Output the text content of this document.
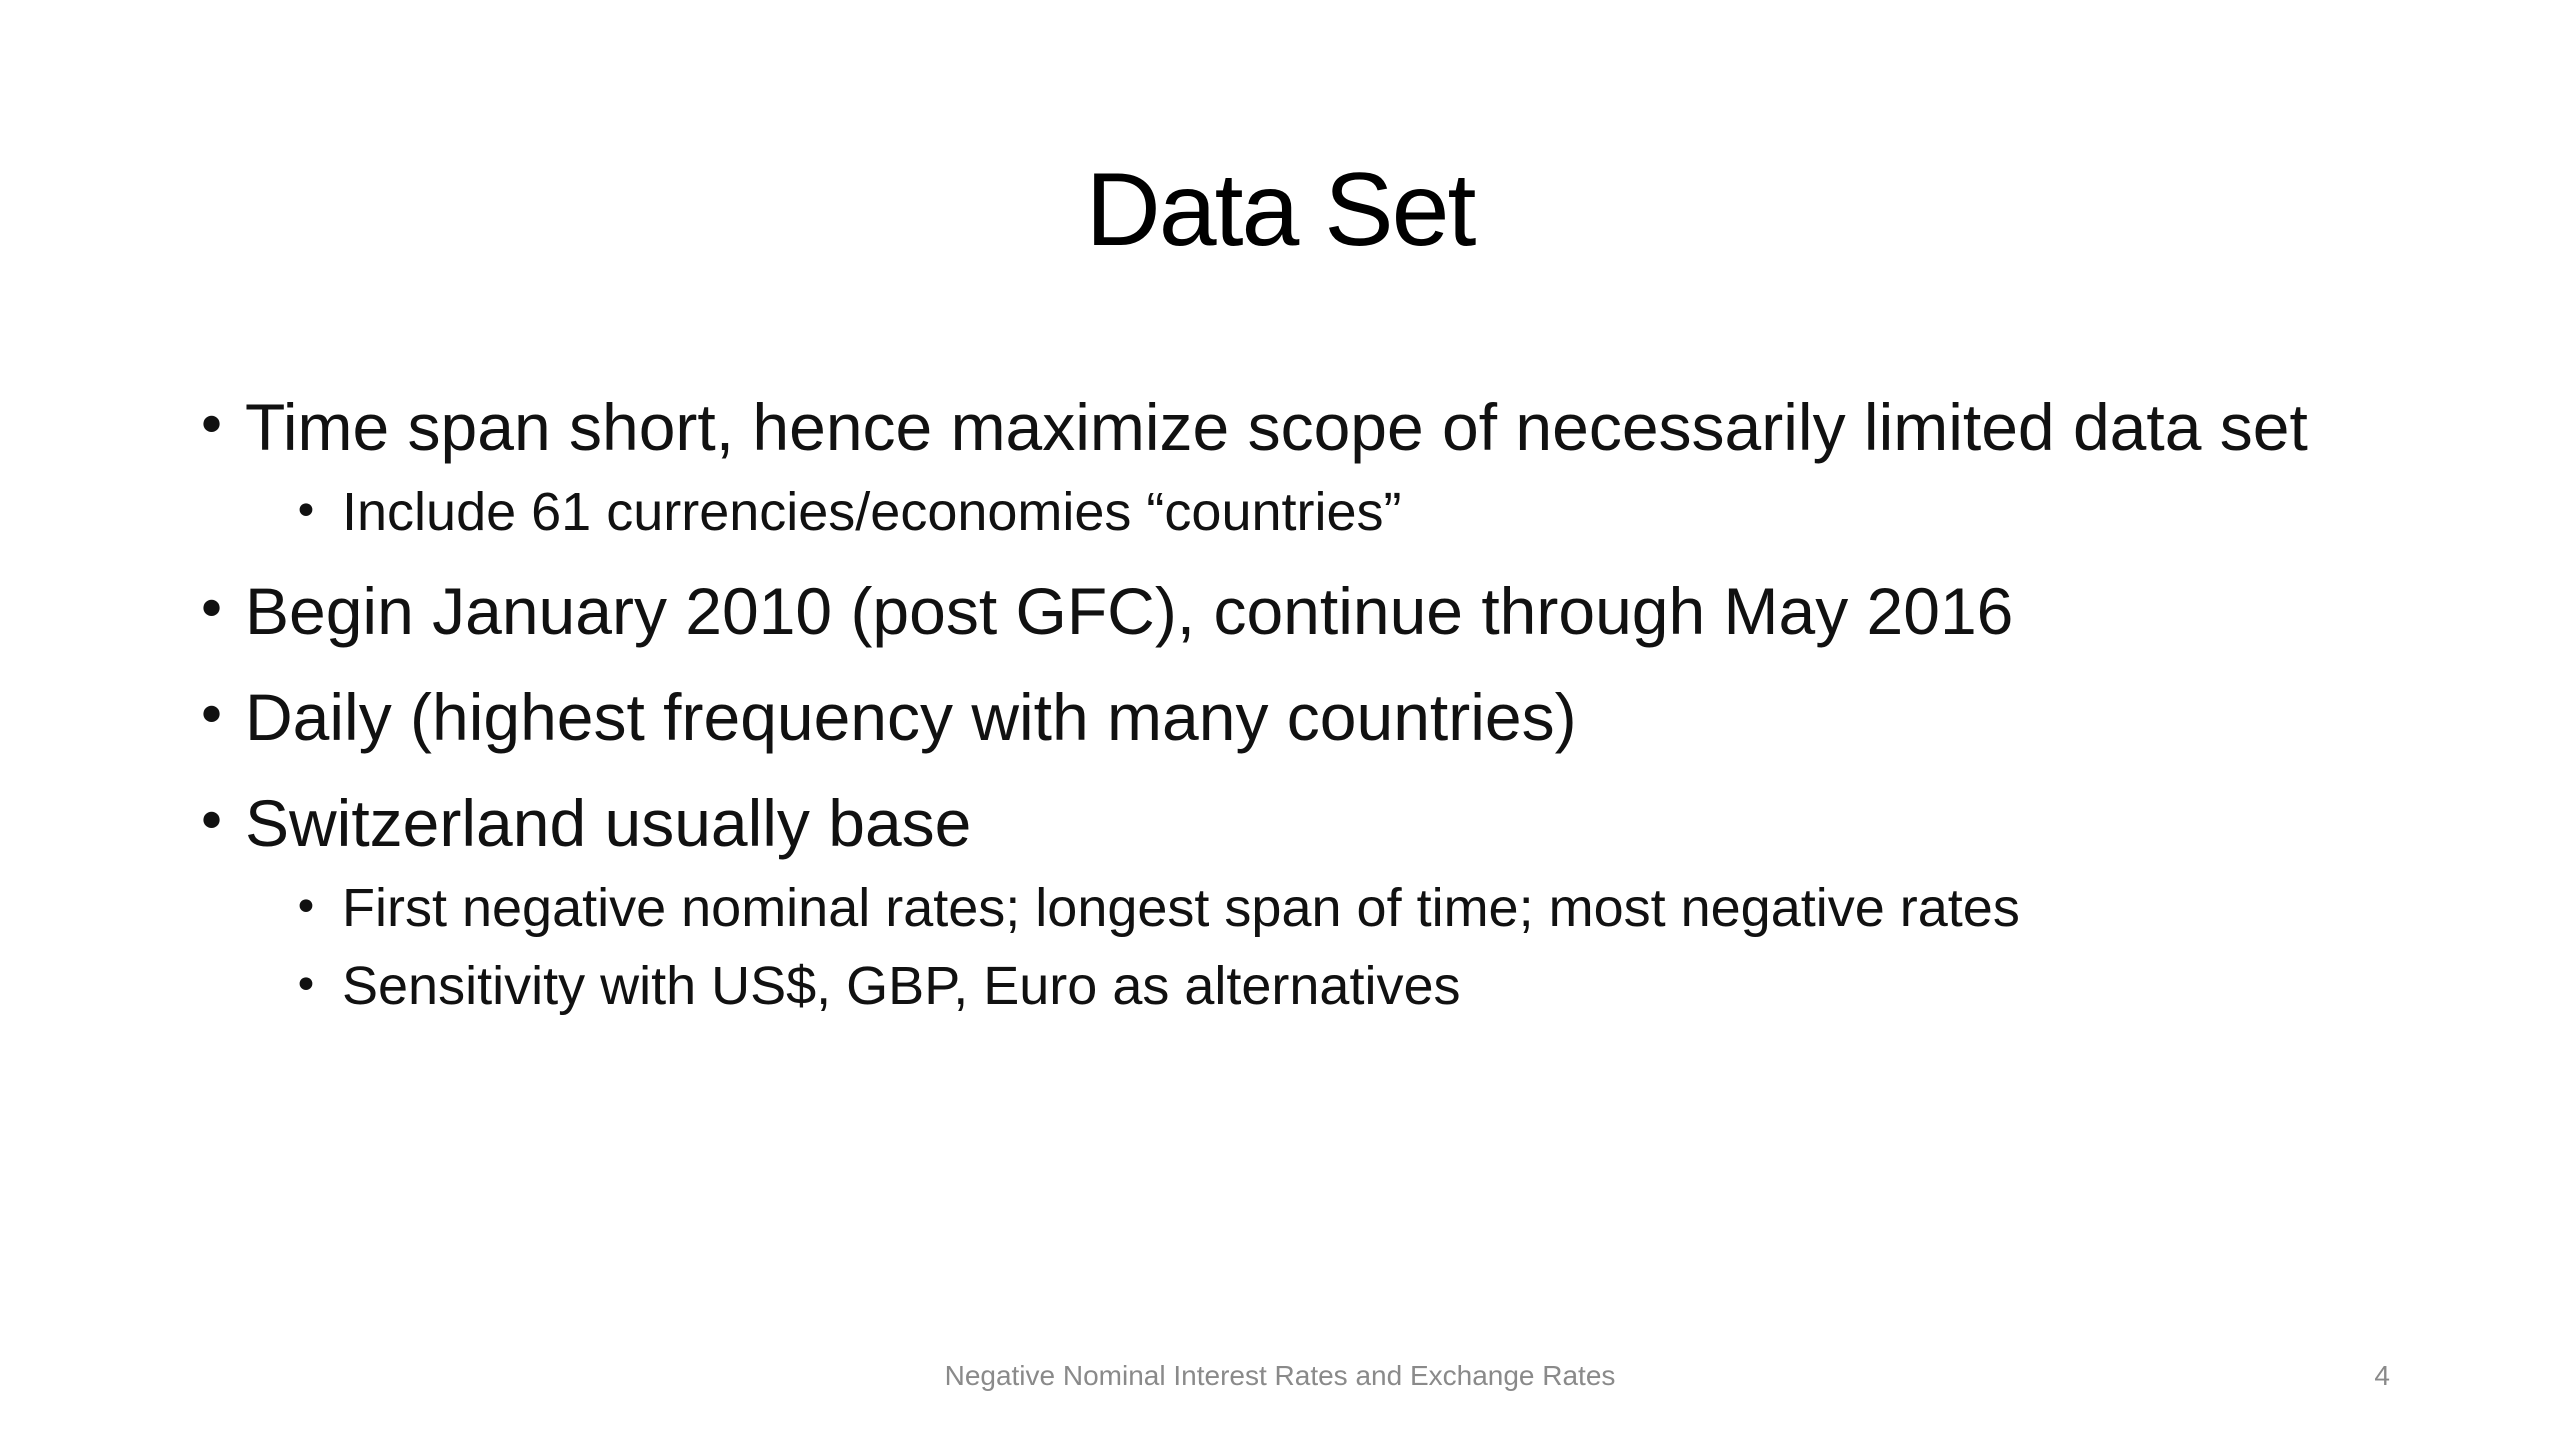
Data Set
• Time span short, hence maximize scope of necessarily limited data set
• Include 61 currencies/economies “countries”
• Begin January 2010 (post GFC), continue through May 2016
• Daily (highest frequency with many countries)
• Switzerland usually base
• First negative nominal rates; longest span of time; most negative rates
• Sensitivity with US$, GBP, Euro as alternatives
Negative Nominal Interest Rates and Exchange Rates	4
